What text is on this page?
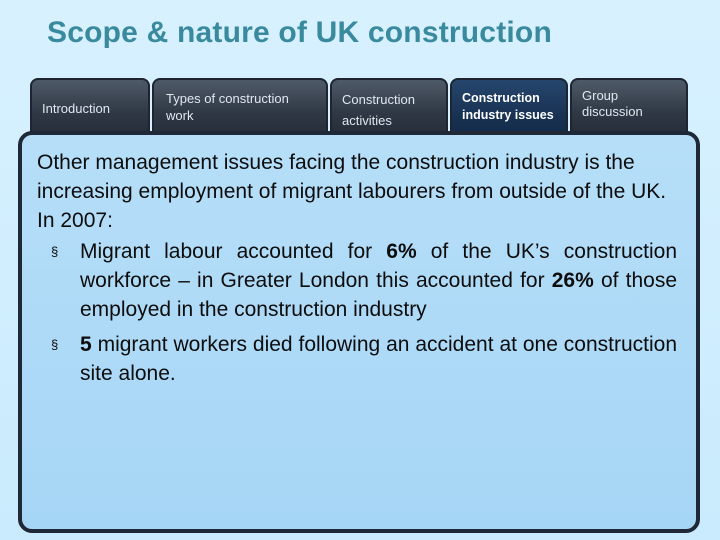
Scope & nature of UK construction
Introduction
Types of construction work
Construction activities
Construction industry issues
Group discussion

Other management issues facing the construction industry is the increasing employment of migrant labourers from outside of the UK.

In 2007:

§ Migrant labour accounted for 6% of the UK’s construction workforce – in Greater London this accounted for 26% of those employed in the construction industry
§ 5 migrant workers died following an accident at one construction site alone.
